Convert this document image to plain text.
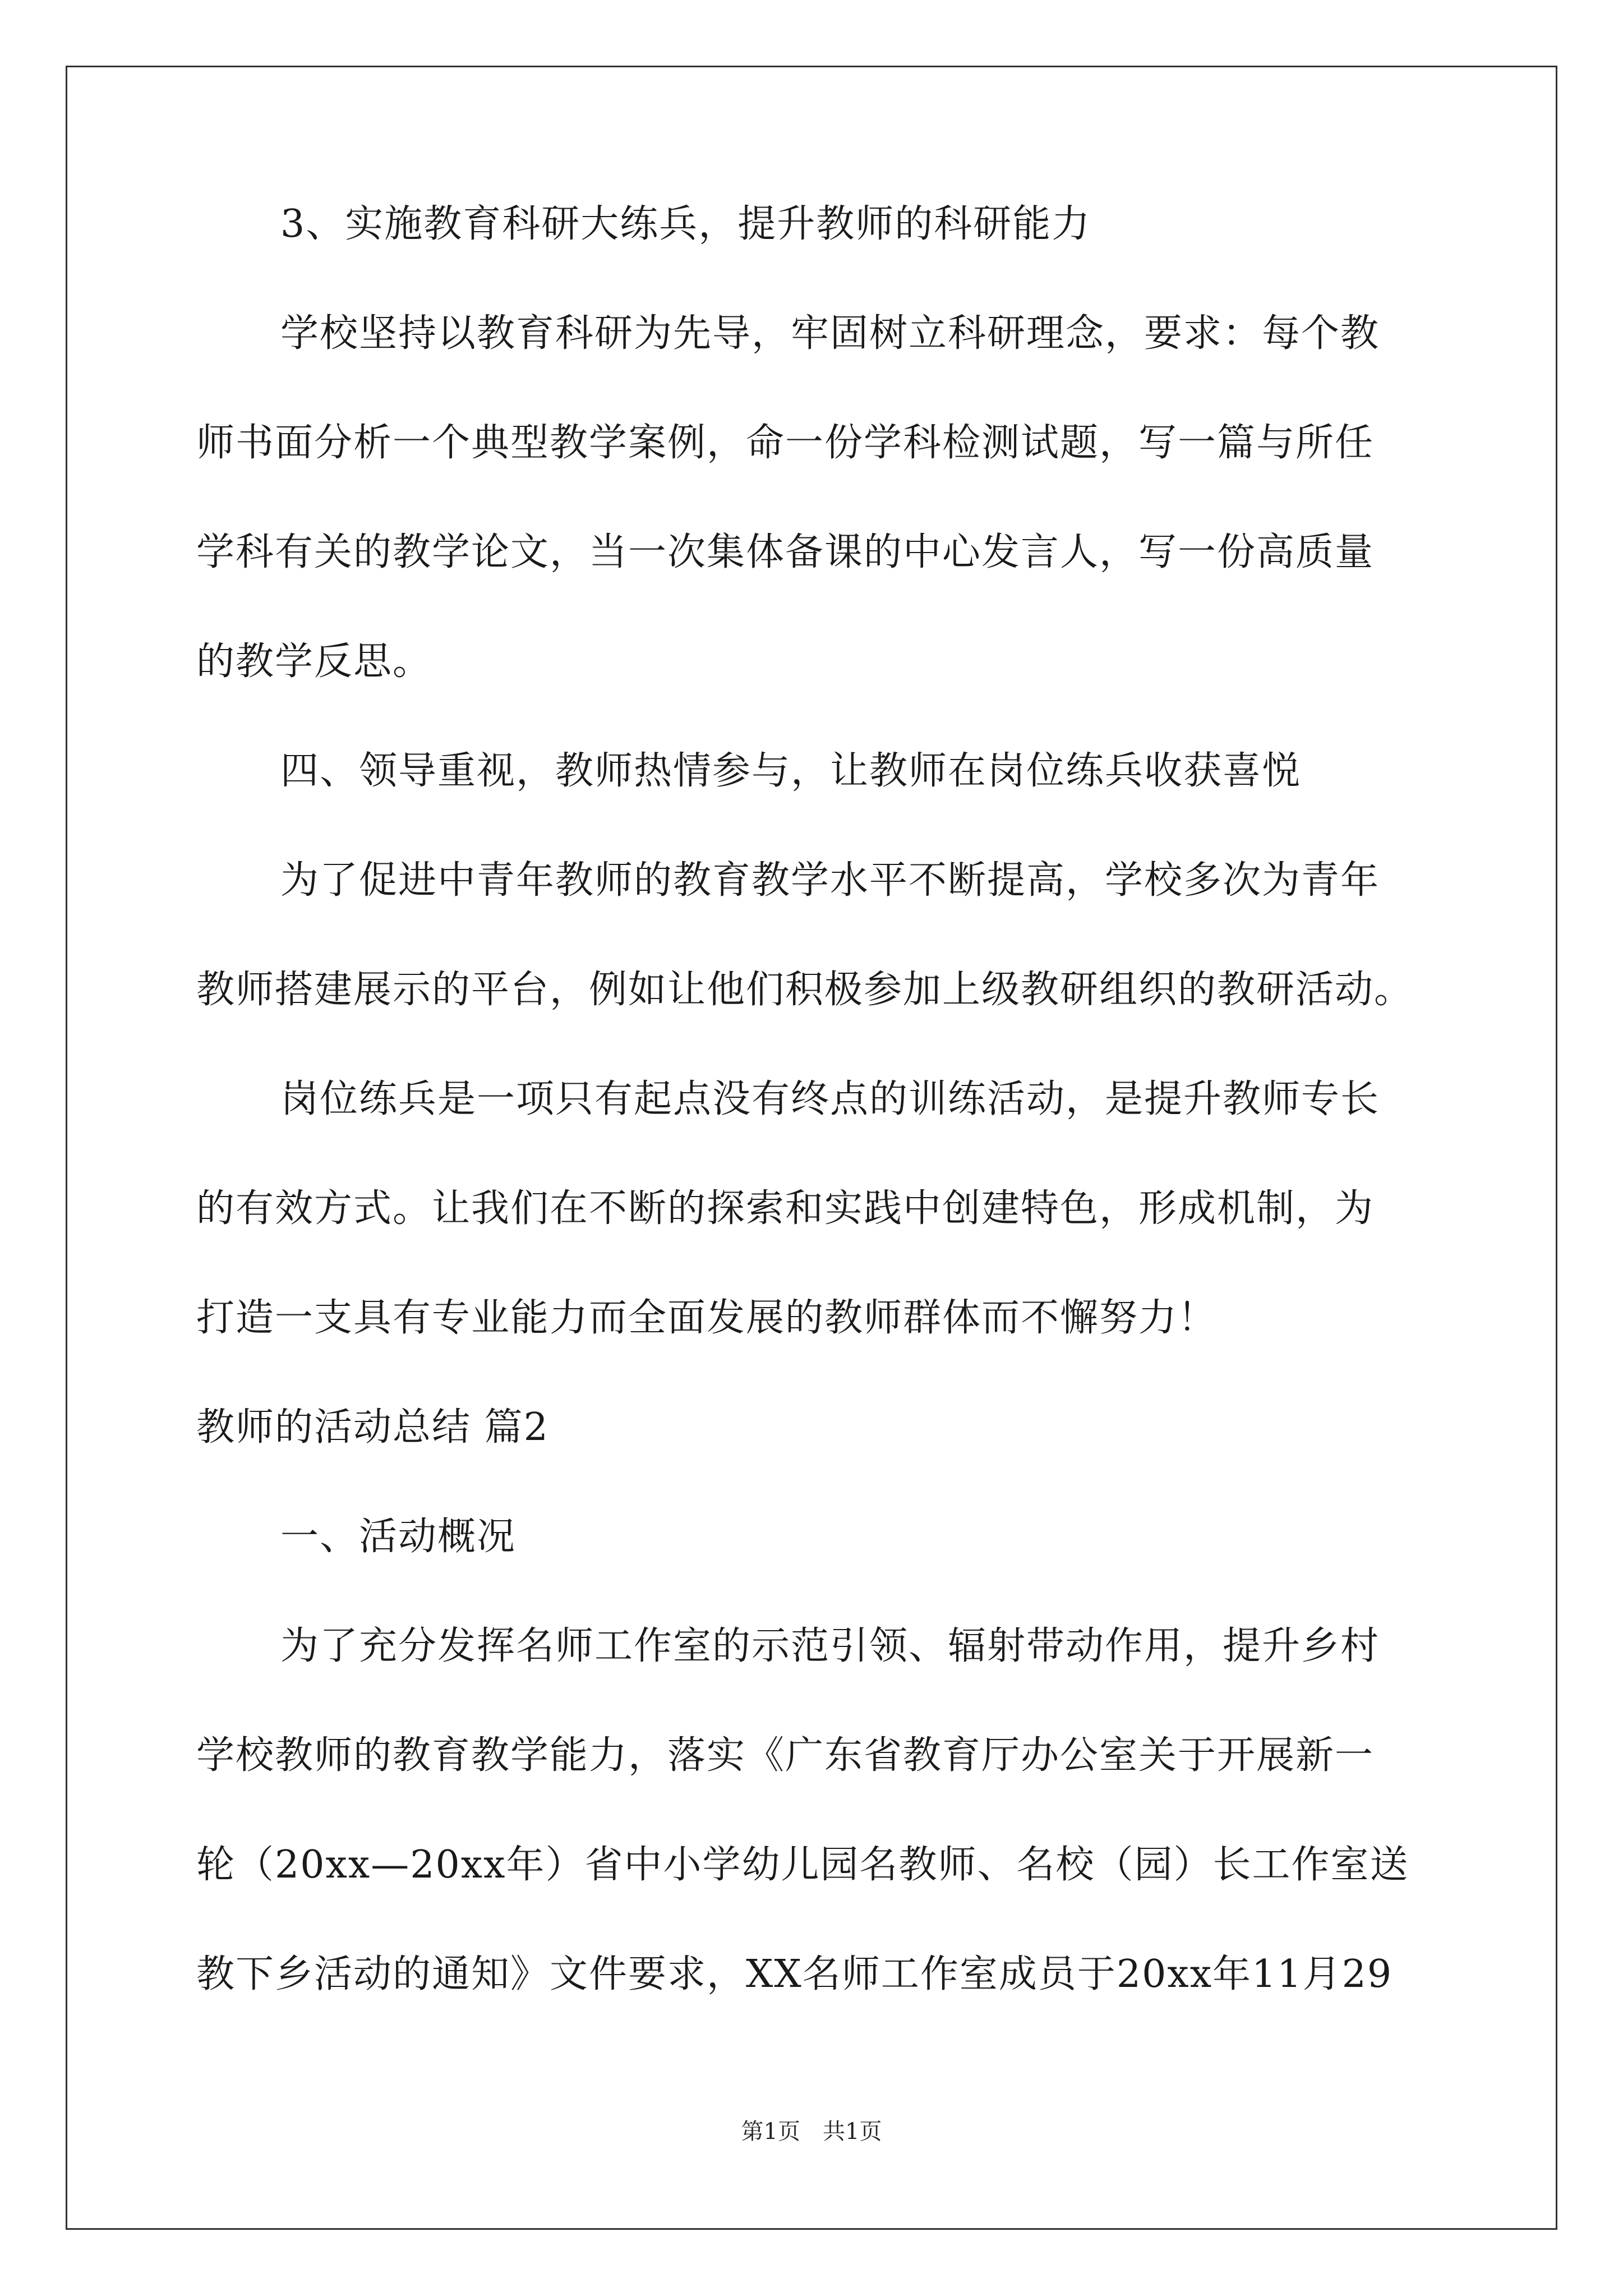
3、实施教育科研大练兵，提升教师的科研能力
学校坚持以教育科研为先导，牢固树立科研理念，要求：每个教
师书面分析一个典型教学案例，命一份学科检测试题，写一篇与所任
学科有关的教学论文，当一次集体备课的中心发言人，写一份高质量
的教学反思。
四、领导重视，教师热情参与，让教师在岗位练兵收获喜悦
为了促进中青年教师的教育教学水平不断提高，学校多次为青年
教师搭建展示的平台，例如让他们积极参加上级教研组织的教研活动。
岗位练兵是一项只有起点没有终点的训练活动，是提升教师专长
的有效方式。让我们在不断的探索和实践中创建特色，形成机制，为
打造一支具有专业能力而全面发展的教师群体而不懈努力！
教师的活动总结 篇2
一、活动概况
为了充分发挥名师工作室的示范引领、辐射带动作用，提升乡村
学校教师的教育教学能力，落实《广东省教育厅办公室关于开展新一
轮（20xx—20xx年）省中小学幼儿园名教师、名校（园）长工作室送
教下乡活动的通知》文件要求，XX名师工作室成员于20xx年11月29
第1页 共1页
